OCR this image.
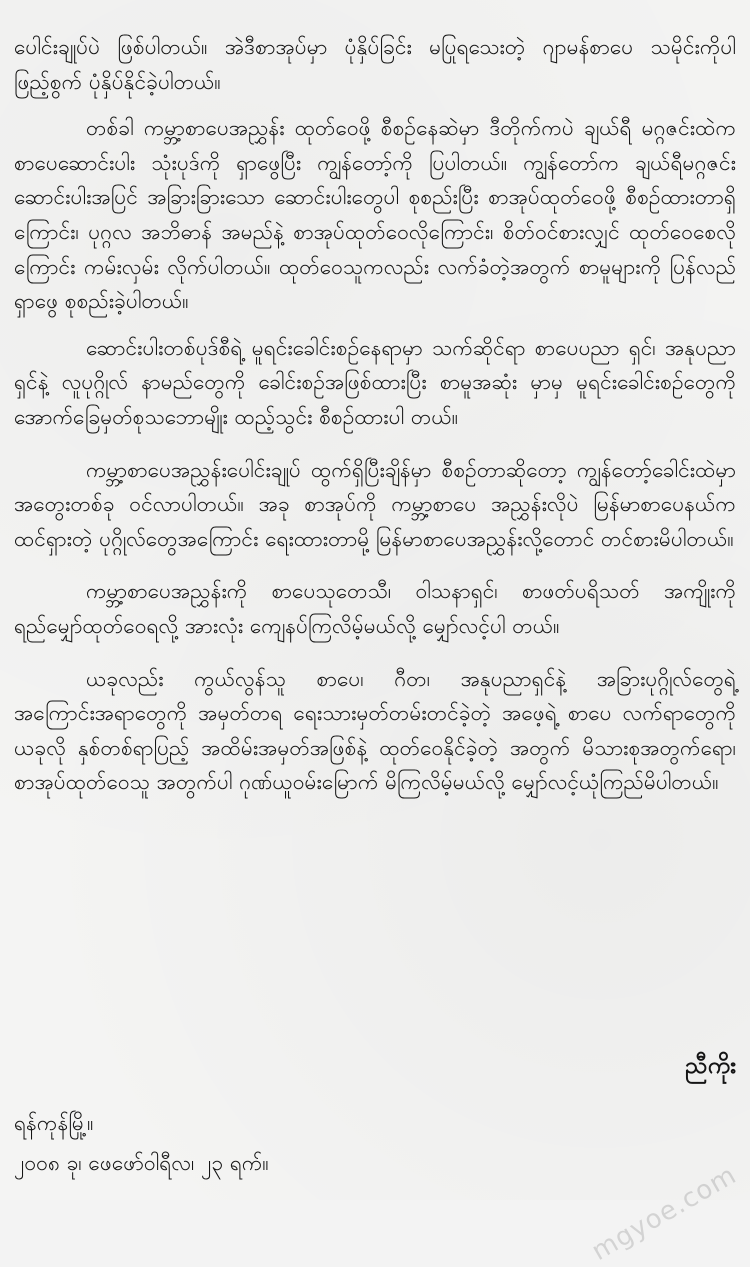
ပေါင်းချုပ်ပဲ ဖြစ်ပါတယ်။ အဲဒီစာအုပ်မှာ ပုံနှိပ်ခြင်း မပြုရသေးတဲ့ ဂျာမန်စာပေ သမိုင်းကိုပါ ဖြည့်စွက် ပုံနှိပ်နိုင်ခဲ့ပါတယ်။

တစ်ခါ ကမ္ဘာ့စာပေအညွှန်း ထုတ်ဝေဖို့ စီစဉ်နေဆဲမှာ ဒီတိုက်ကပဲ ချယ်ရီ မဂ္ဂဇင်းထဲက စာပေဆောင်းပါး သုံးပုဒ်ကို ရှာဖွေပြီး ကျွန်တော့်ကို ပြပါတယ်။ ကျွန်တော်က ချယ်ရီမဂ္ဂဇင်းဆောင်းပါးအပြင် အခြားခြားသော ဆောင်းပါးတွေပါ စုစည်းပြီး စာအုပ်ထုတ်ဝေဖို့ စီစဉ်ထားတာရှိကြောင်း၊ ပုဂ္ဂလ အဘိဓာန် အမည်နဲ့ စာအုပ်ထုတ်ဝေလိုကြောင်း၊ စိတ်ဝင်စားလျှင် ထုတ်ဝေစေလိုကြောင်း ကမ်းလှမ်း လိုက်ပါတယ်။ ထုတ်ဝေသူကလည်း လက်ခံတဲ့အတွက် စာမူများကို ပြန်လည် ရှာဖွေ စုစည်းခဲ့ပါတယ်။

ဆောင်းပါးတစ်ပုဒ်စီရဲ့ မူရင်းခေါင်းစဉ်နေရာမှာ သက်ဆိုင်ရာ စာပေပညာ ရှင်၊ အနုပညာရှင်နဲ့ လူပုဂ္ဂိုလ် နာမည်တွေကို ခေါင်းစဉ်အဖြစ်ထားပြီး စာမူအဆုံး မှာမှ မူရင်းခေါင်းစဉ်တွေကို အောက်ခြေမှတ်စုသဘောမျိုး ထည့်သွင်း စီစဉ်ထားပါ တယ်။

ကမ္ဘာ့စာပေအညွှန်းပေါင်းချုပ် ထွက်ရှိပြီးချိန်မှာ စီစဉ်တာဆိုတော့ ကျွန်တော့်ခေါင်းထဲမှာ အတွေးတစ်ခု ဝင်လာပါတယ်။ အခု စာအုပ်ကို ကမ္ဘာ့စာပေ အညွှန်းလိုပဲ မြန်မာစာပေနယ်က ထင်ရှားတဲ့ ပုဂ္ဂိုလ်တွေအကြောင်း ရေးထားတာမို့ မြန်မာစာပေအညွှန်းလို့တောင် တင်စားမိပါတယ်။

ကမ္ဘာ့စာပေအညွှန်းကို စာပေသုတေသီ၊ ဝါသနာရှင်၊ စာဖတ်ပရိသတ် အကျိုးကို ရည်မျှော်ထုတ်ဝေရလို့ အားလုံး ကျေနပ်ကြလိမ့်မယ်လို့ မျှော်လင့်ပါ တယ်။

ယခုလည်း ကွယ်လွန်သူ စာပေ၊ ဂီတ၊ အနုပညာရှင်နဲ့ အခြားပုဂ္ဂိုလ်တွေရဲ့ အကြောင်းအရာတွေကို အမှတ်တရ ရေးသားမှတ်တမ်းတင်ခဲ့တဲ့ အဖေ့ရဲ့ စာပေ လက်ရာတွေကို ယခုလို နှစ်တစ်ရာပြည့် အထိမ်းအမှတ်အဖြစ်နဲ့ ထုတ်ဝေနိုင်ခဲ့တဲ့ အတွက် မိသားစုအတွက်ရော၊ စာအုပ်ထုတ်ဝေသူ အတွက်ပါ ဂုဏ်ယူဝမ်းမြောက် မိကြလိမ့်မယ်လို့ မျှော်လင့်ယုံကြည်မိပါတယ်။

ညီကိုး

ရန်ကုန်မြို့။

၂၀၀၈ ခု၊ ဖေဖော်ဝါရီလ၊ ၂၃ ရက်။	mgyoe.com
